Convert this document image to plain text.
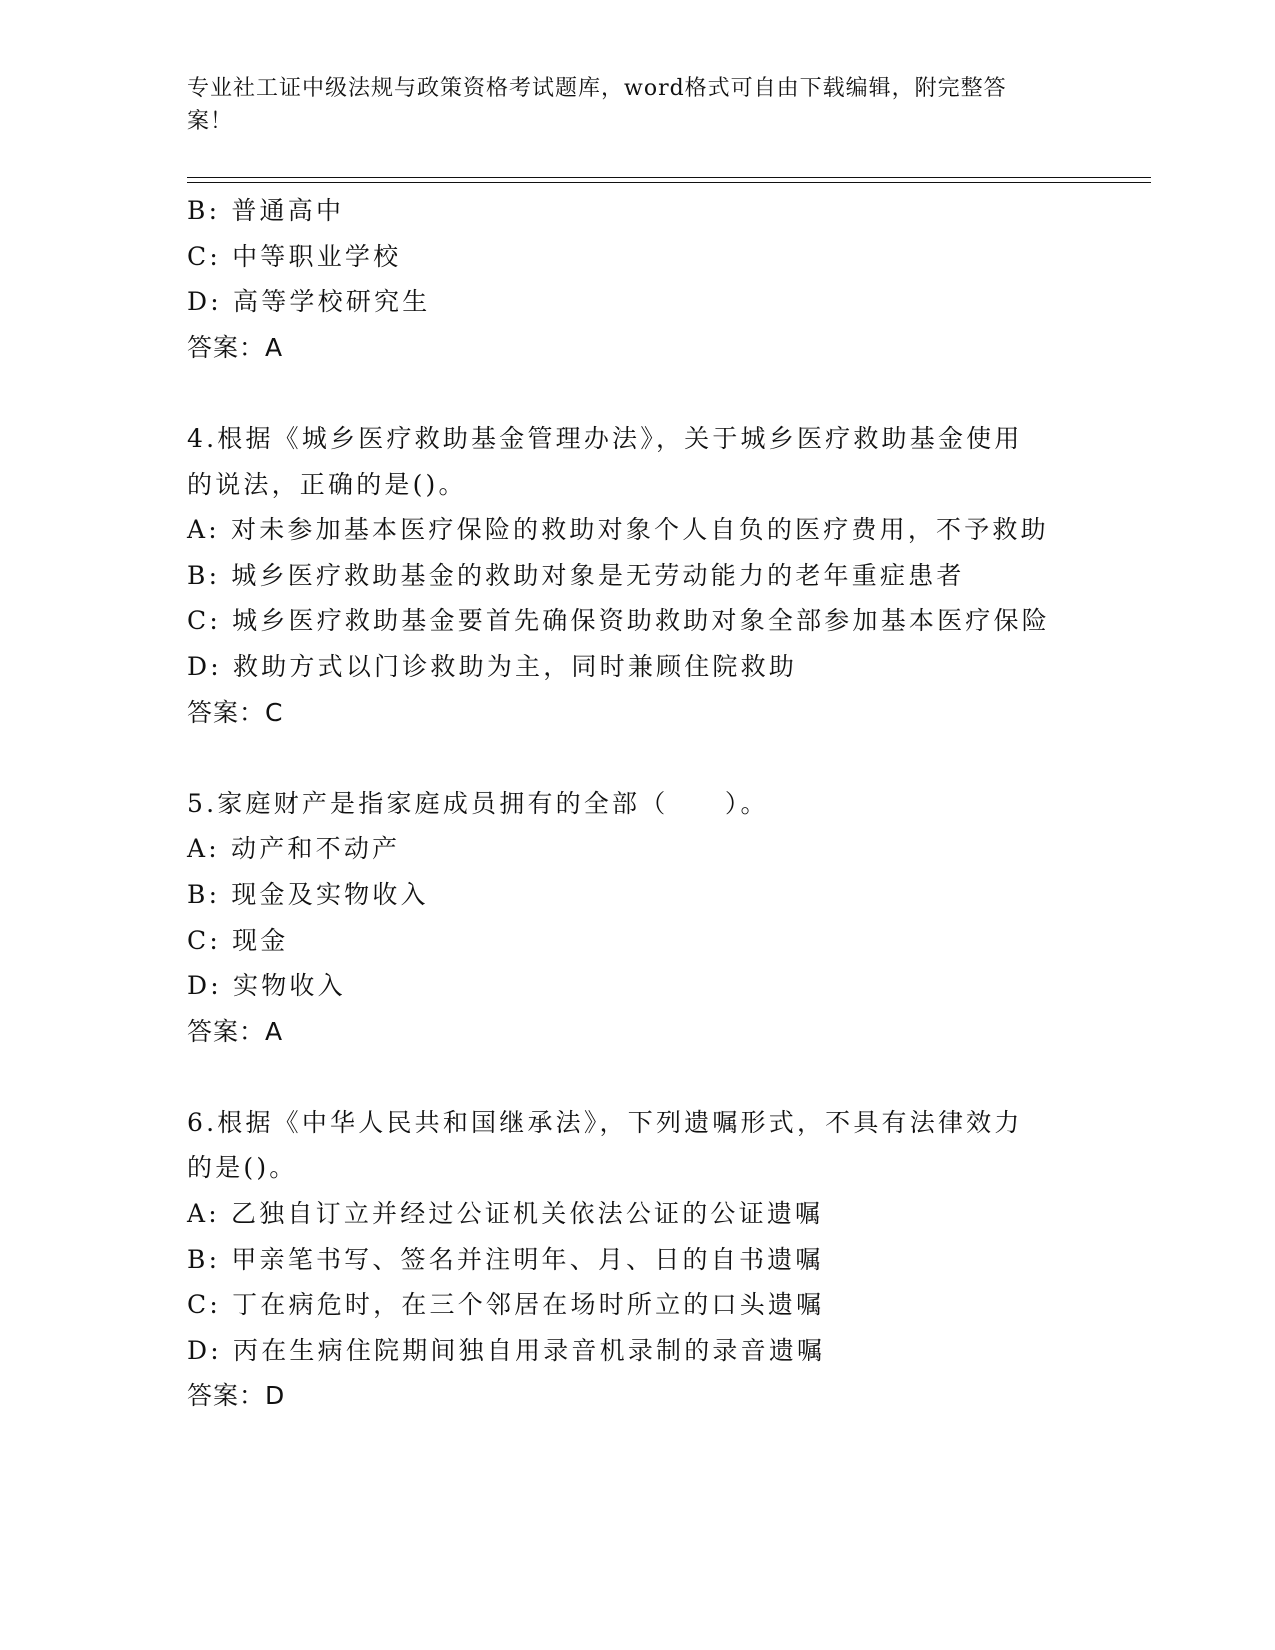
专业社工证中级法规与政策资格考试题库，word格式可自由下载编辑，附完整答
案！
B: 普通高中
C: 中等职业学校
D: 高等学校研究生
答案：A
4.根据《城乡医疗救助基金管理办法》，关于城乡医疗救助基金使用
的说法，正确的是()。
A: 对未参加基本医疗保险的救助对象个人自负的医疗费用，不予救助
B: 城乡医疗救助基金的救助对象是无劳动能力的老年重症患者
C: 城乡医疗救助基金要首先确保资助救助对象全部参加基本医疗保险
D: 救助方式以门诊救助为主，同时兼顾住院救助
答案：C
5.家庭财产是指家庭成员拥有的全部（　　）。
A: 动产和不动产
B: 现金及实物收入
C: 现金
D: 实物收入
答案：A
6.根据《中华人民共和国继承法》，下列遗嘱形式，不具有法律效力
的是()。
A: 乙独自订立并经过公证机关依法公证的公证遗嘱
B: 甲亲笔书写、签名并注明年、月、日的自书遗嘱
C: 丁在病危时，在三个邻居在场时所立的口头遗嘱
D: 丙在生病住院期间独自用录音机录制的录音遗嘱
答案：D
